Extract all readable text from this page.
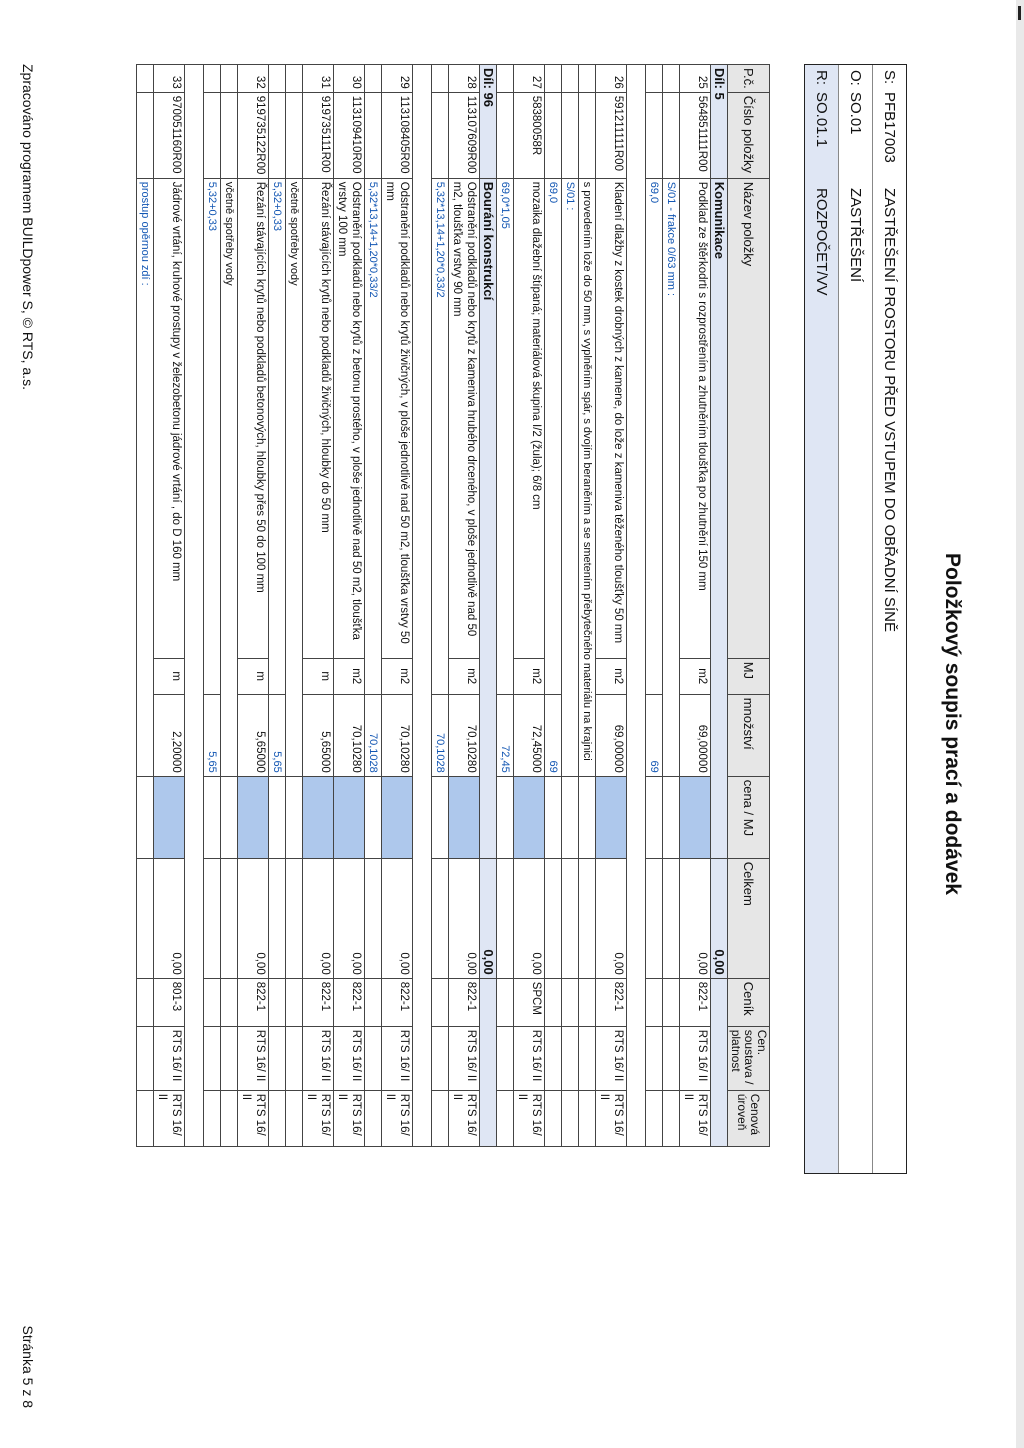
Položkový soupis prací a dodávek
S:
PFB17003
ZASTŘEŠENÍ PROSTORU PŘED VSTUPEM DO OBŘADNÍ SÍNĚ
O:
SO.01
ZASTŘEŠENÍ
R:
SO.01.1
ROZPOČET/VV
P.č.	Číslo položky	Název položky	MJ	množství	cena / MJ	Celkem	Ceník	Cen. soustava / platnost	Cenová úroveň
Díl: 5		Komunikace				0,00			
25	564851111R00	Podklad ze štěrkodrti s rozprostřením a zhutněním tloušťka po zhutnění 150 mm	m2	69,00000		0,00	822-1	RTS 16/ II	RTS 16/ II
		S/01 - frakce 0/63 mm :							
		69,0		69					

26	591211111R00	Kladení dlažby z kostek drobných z kamene, do lože z kameniva těženého tloušťky 50 mm	m2	69,00000		0,00	822-1	RTS 16/ II	RTS 16/ II
		s provedením lože do 50 mm, s vyplněním spár, s dvojím beraněním a se smetením přebytečného materiálu na krajnici							
		S/01 :							
		69,0		69					
27	58380058R	mozaika dlažební štípaná; materiálová skupina I/2 (žula); 6/8 cm	m2	72,45000		0,00	SPCM	RTS 16/ II	RTS 16/ II
		69,0*1,05		72,45					
Díl: 96		Bourání konstrukcí				0,00			
28	113107609R00	Odstranění podkladů nebo krytů z kameniva hrubého drceného, v ploše jednotlivě nad 50 m2, tloušťka vrstvy 90 mm	m2	70,10280		0,00	822-1	RTS 16/ II	RTS 16/ II
		5,32*13,14+1,20*0,33/2		70,1028					

29	113108405R00	Odstranění podkladů nebo krytů živičných, v ploše jednotlivě nad 50 m2, tloušťka vrstvy 50 mm	m2	70,10280		0,00	822-1	RTS 16/ II	RTS 16/ II
		5,32*13,14+1,20*0,33/2		70,1028					
30	113109410R00	Odstranění podkladů nebo krytů z betonu prostého, v ploše jednotlivě nad 50 m2, tloušťka vrstvy 100 mm	m2	70,10280		0,00	822-1	RTS 16/ II	RTS 16/ II
31	919735111R00	Řezání stávajících krytů nebo podkladů živičných, hloubky do 50 mm	m	5,65000		0,00	822-1	RTS 16/ II	RTS 16/ II
		včetně spotřeby vody							
		5,32+0,33		5,65					
32	919735122R00	Řezání stávajících krytů nebo podkladů betonových, hloubky přes 50 do 100 mm	m	5,65000		0,00	822-1	RTS 16/ II	RTS 16/ II
		včetně spotřeby vody							
		5,32+0,33		5,65					

33	970051160R00	Jádrové vrtání, kruhové prostupy v železobetonu jádrové vrtání , do D 160 mm	m	2,20000		0,00	801-3	RTS 16/ II	RTS 16/ II
		prostup opěrnou zdí :							
Zpracováno programem BUILDpower S, © RTS, a.s.
Stránka 5 z 8
